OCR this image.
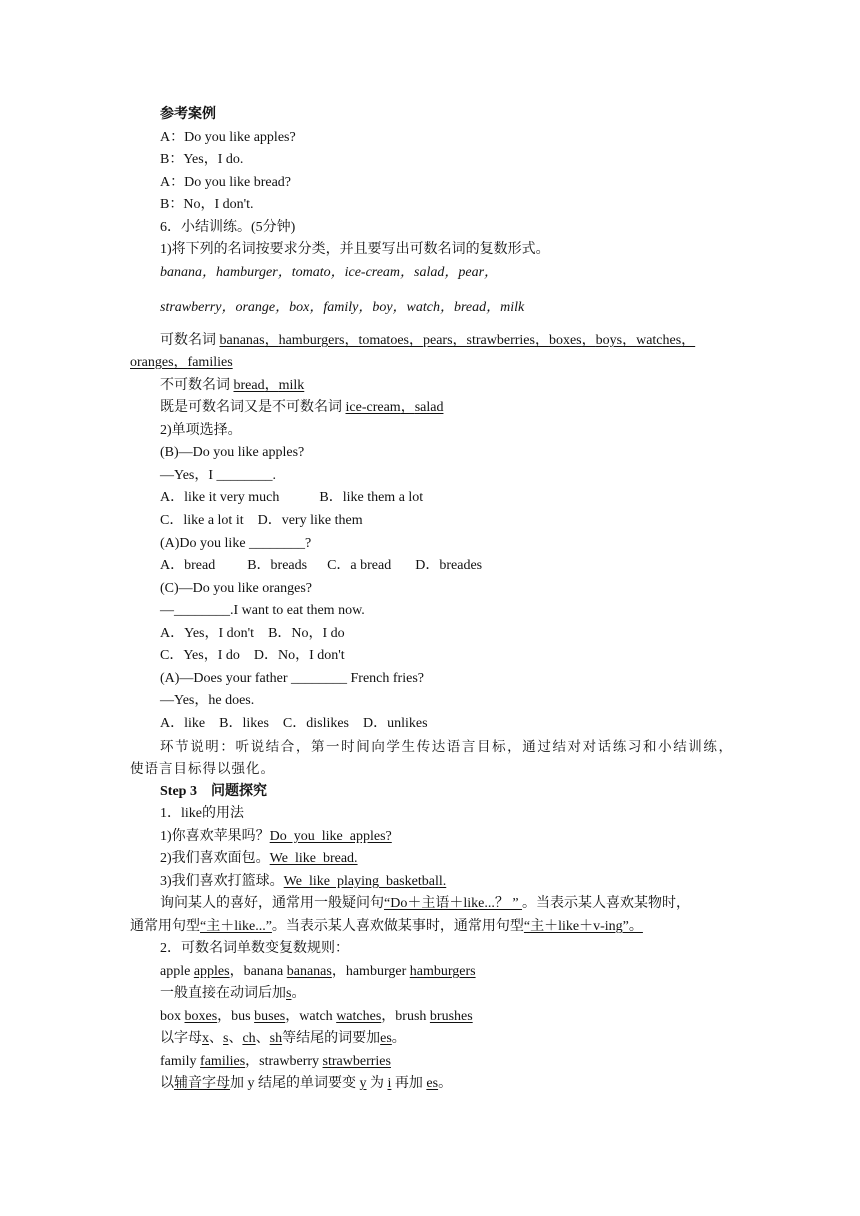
参考案例
A：Do you like apples?
B：Yes，I do.
A：Do you like bread?
B：No，I don't.
6．小结训练。(5分钟)
1)将下列的名词按要求分类，并且要写出可数名词的复数形式。
banana，hamburger，tomato，ice-cream，salad，pear，
strawberry，orange，box，family，boy，watch，bread，milk
可数名词 bananas，hamburgers，tomatoes，pears，strawberries，boxes，boys，watches，
oranges，families
不可数名词 bread，milk
既是可数名词又是不可数名词 ice-cream，salad
2)单项选择。
(B)—Do you like apples?
—Yes，I ________.
A．like it very much	B．like them a lot
C．like a lot it D．very like them
(A)Do you like ________?
A．bread B．breads C．a bread D．breades
(C)—Do you like oranges?
—________.I want to eat them now.
A．Yes，I don't B．No，I do
C．Yes，I do D．No，I don't
(A)—Does your father ________ French fries?
—Yes，he does.
A．like B．likes C．dislikes D．unlikes
环 节 说 明 ： 听 说 结 合 ， 第 一 时 间 向 学 生 传 达 语 言 目 标 ， 通 过 结 对 对 话 练 习 和 小 结 训 练 ，
使语言目标得以强化。
Step 3 问题探究
1．like的用法
1)你喜欢苹果吗？Do  you  like  apples?
2)我们喜欢面包。We  like  bread.
3)我们喜欢打篮球。We  like  playing  basketball.
询问某人的喜好，通常用一般疑问句“Do＋主语＋like...？ ” 。当表示某人喜欢某物时，
通常用句型“主＋like...”。当表示某人喜欢做某事时，通常用句型“主＋like＋v-ing”。
2．可数名词单数变复数规则：
apple apples，banana bananas，hamburger hamburgers
一般直接在动词后加s。
box boxes，bus buses，watch watches，brush brushes
以字母x、s、ch、sh等结尾的词要加es。
family families，strawberry strawberries
以辅音字母加 y 结尾的单词要变 y 为 i 再加 es。
